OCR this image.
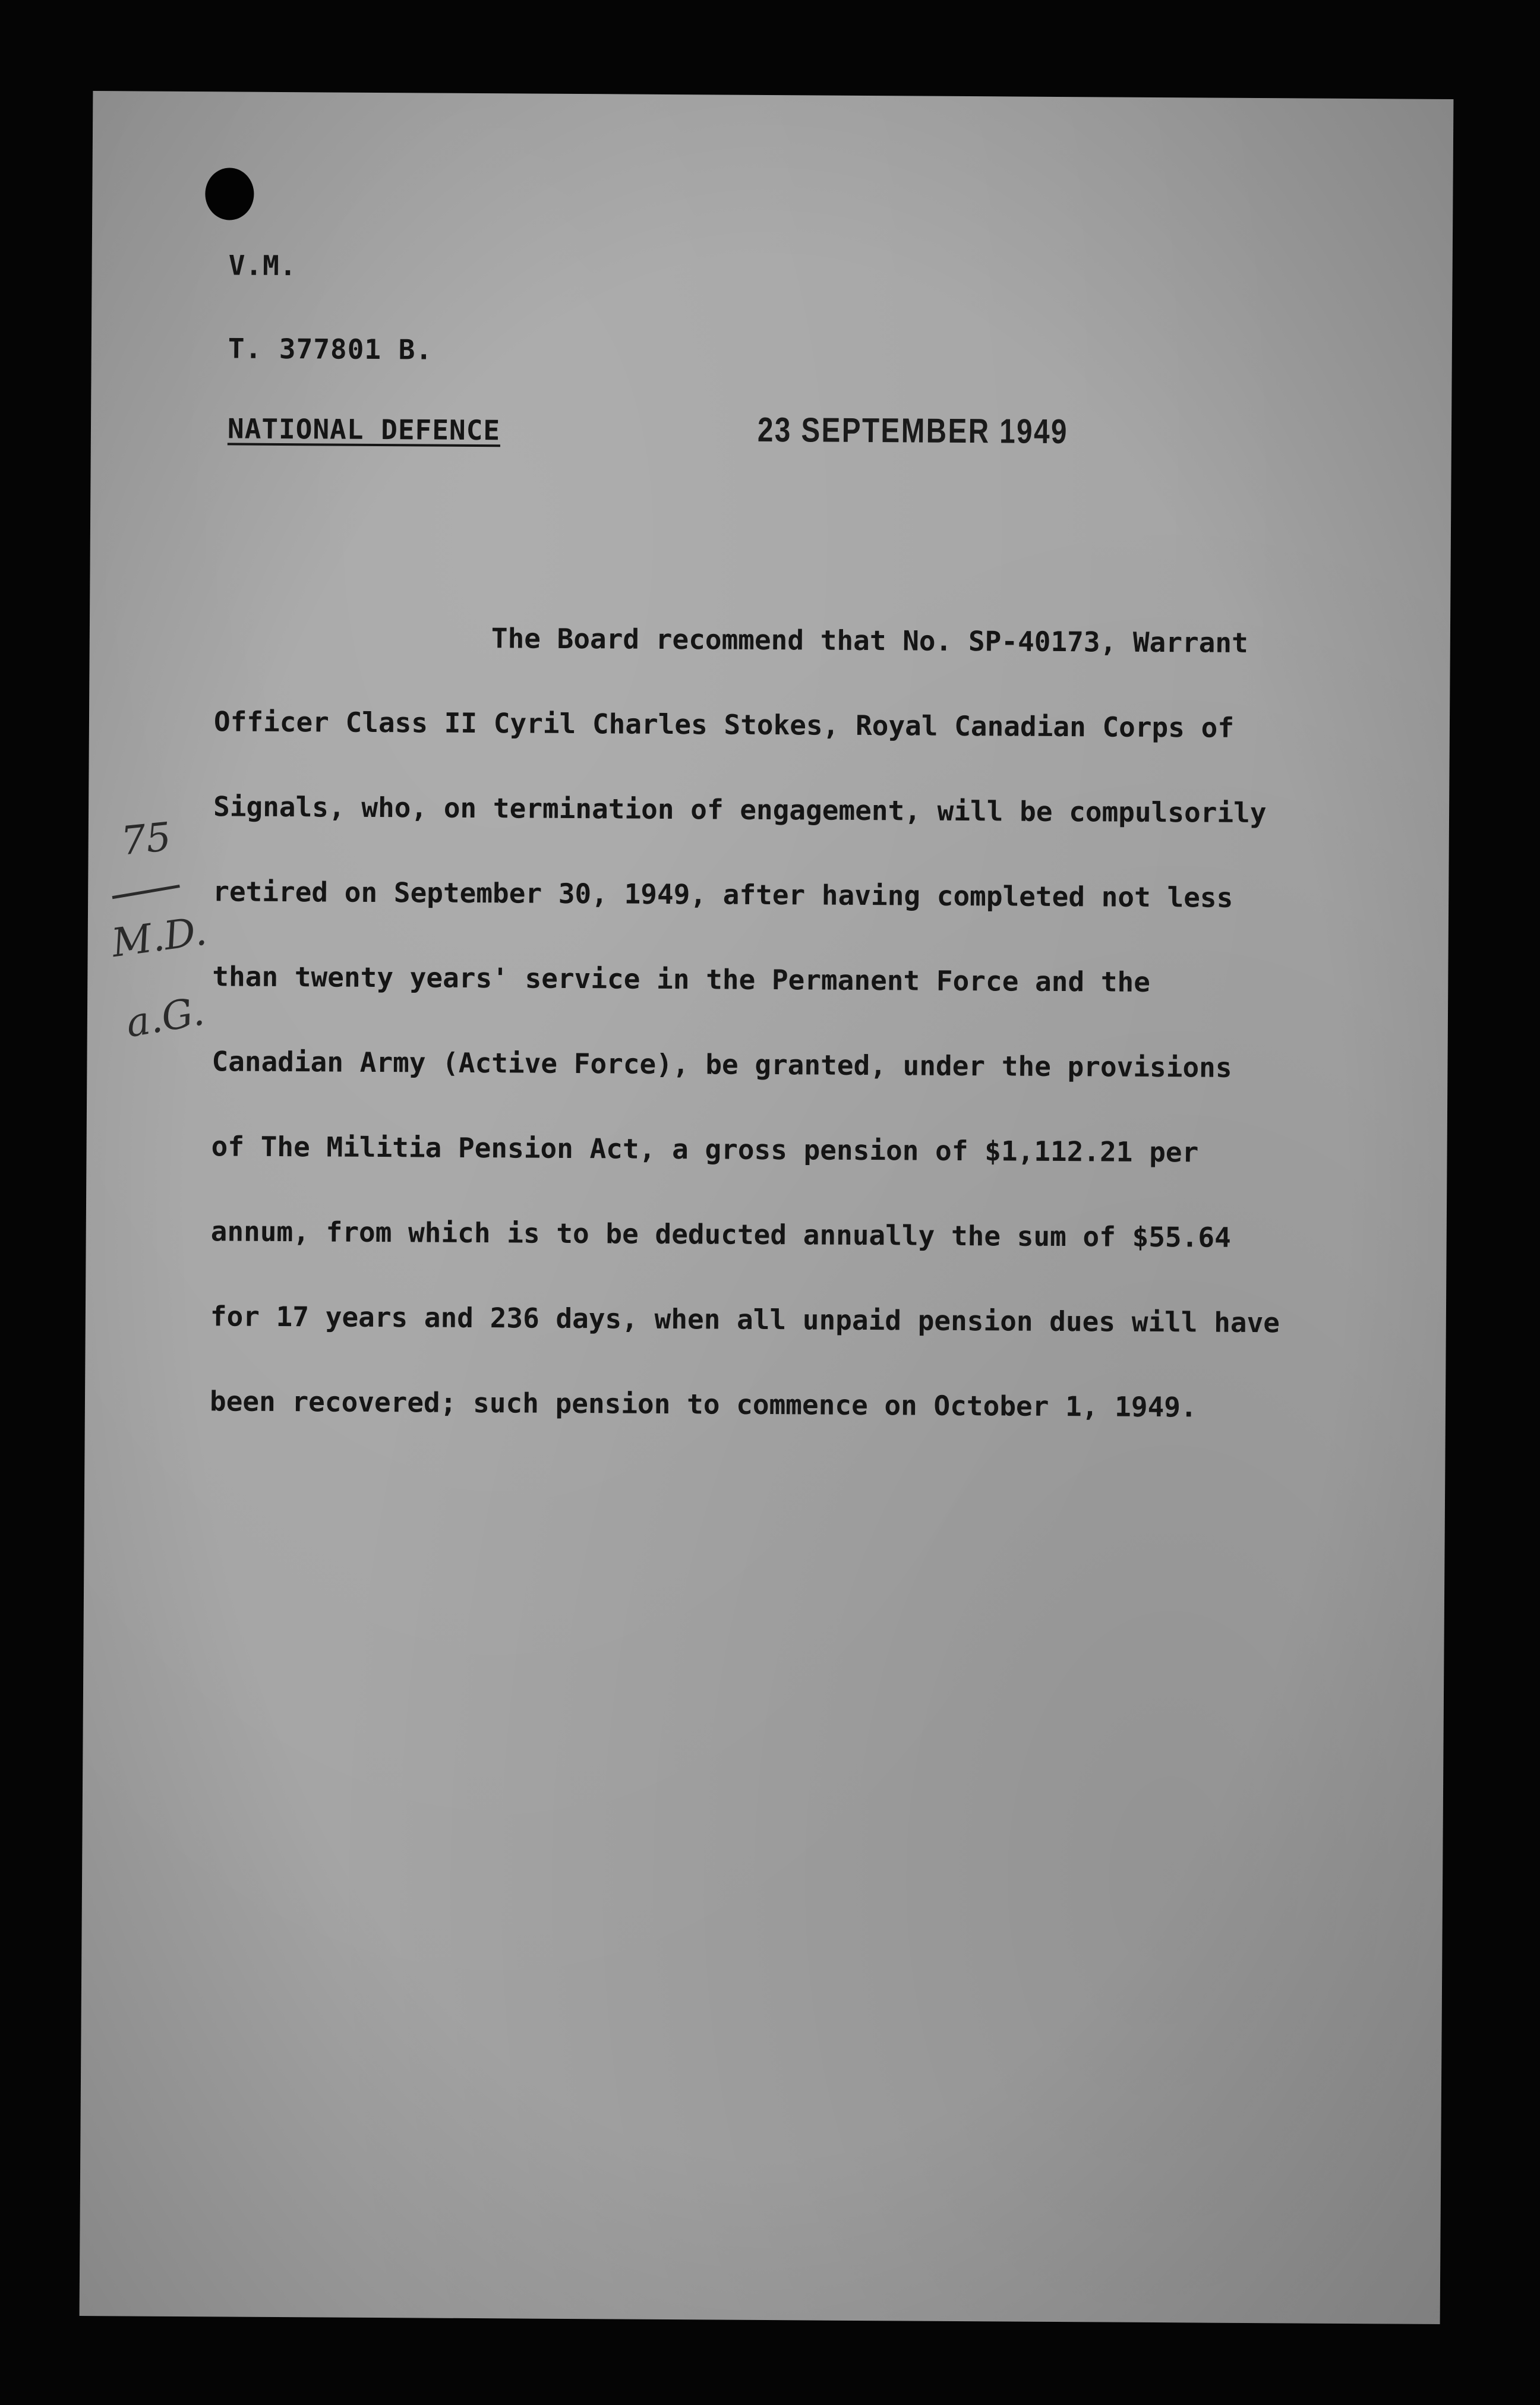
V.M.
T. 377801 B.
NATIONAL DEFENCE	23 SEPTEMBER 1949
The Board recommend that No. SP-40173, Warrant
Officer Class II Cyril Charles Stokes, Royal Canadian Corps of
Signals, who, on termination of engagement, will be compulsorily
retired on September 30, 1949, after having completed not less
than twenty years' service in the Permanent Force and the
Canadian Army (Active Force), be granted, under the provisions
of The Militia Pension Act, a gross pension of $1,112.21 per
annum, from which is to be deducted annually the sum of $55.64
for 17 years and 236 days, when all unpaid pension dues will have
been recovered; such pension to commence on October 1, 1949.
75
M.D.
a.G.
